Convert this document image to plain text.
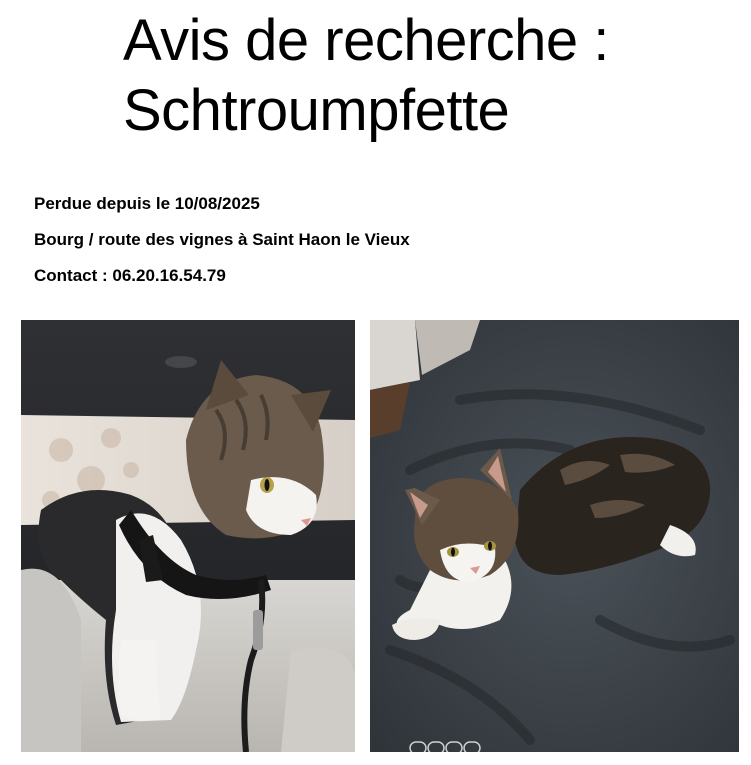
Avis de recherche :
Schtroumpfette
Perdue depuis le 10/08/2025
Bourg / route des vignes à Saint Haon le Vieux
Contact : 06.20.16.54.79
